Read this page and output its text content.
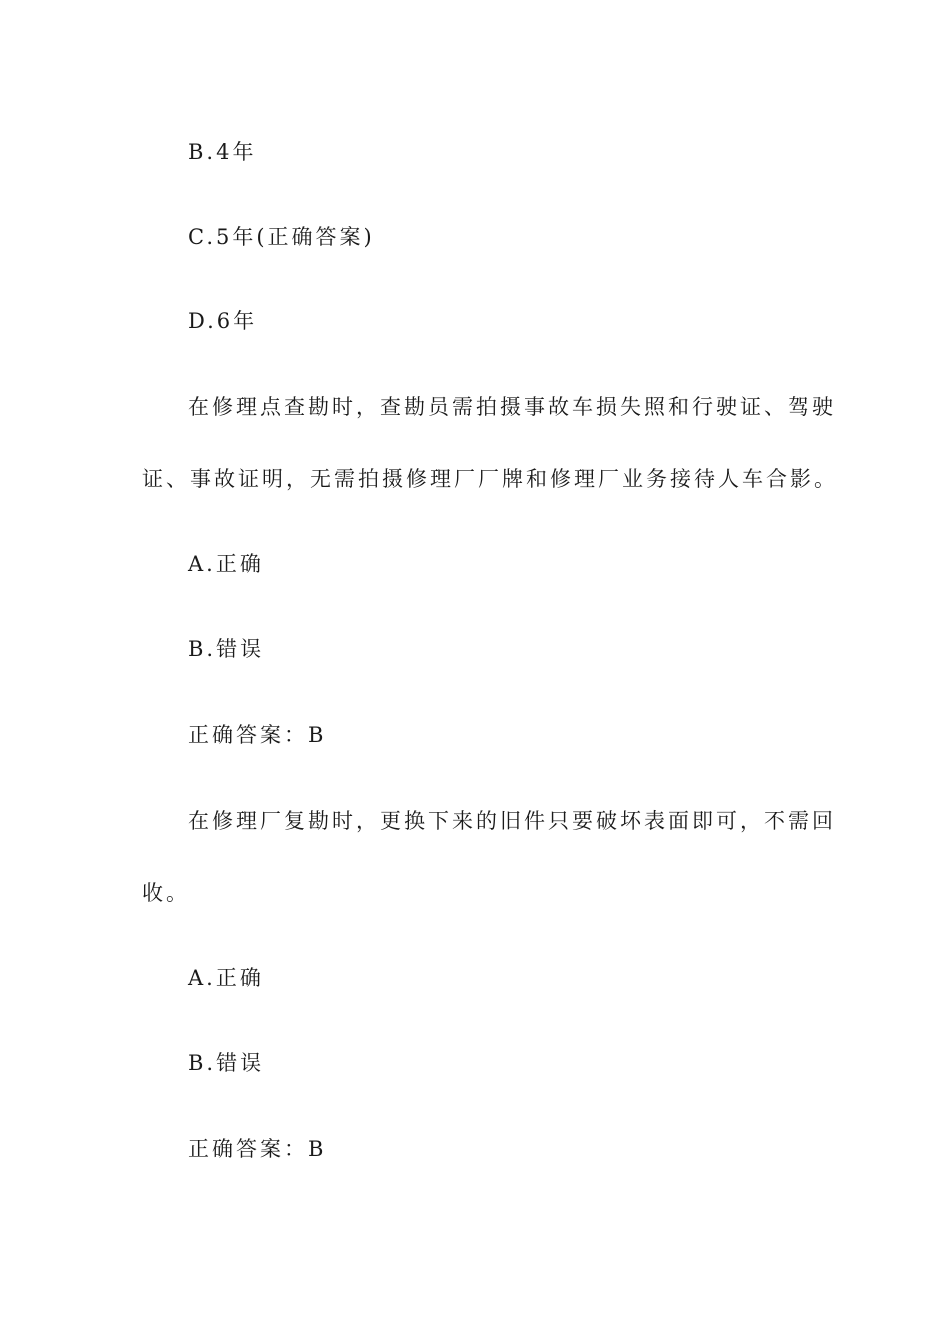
B.4年
C.5年(正确答案)
D.6年
在修理点查勘时，查勘员需拍摄事故车损失照和行驶证、驾驶
证、事故证明，无需拍摄修理厂厂牌和修理厂业务接待人车合影。
A.正确
B.错误
正确答案：B
在修理厂复勘时，更换下来的旧件只要破坏表面即可，不需回
收。
A.正确
B.错误
正确答案：B
